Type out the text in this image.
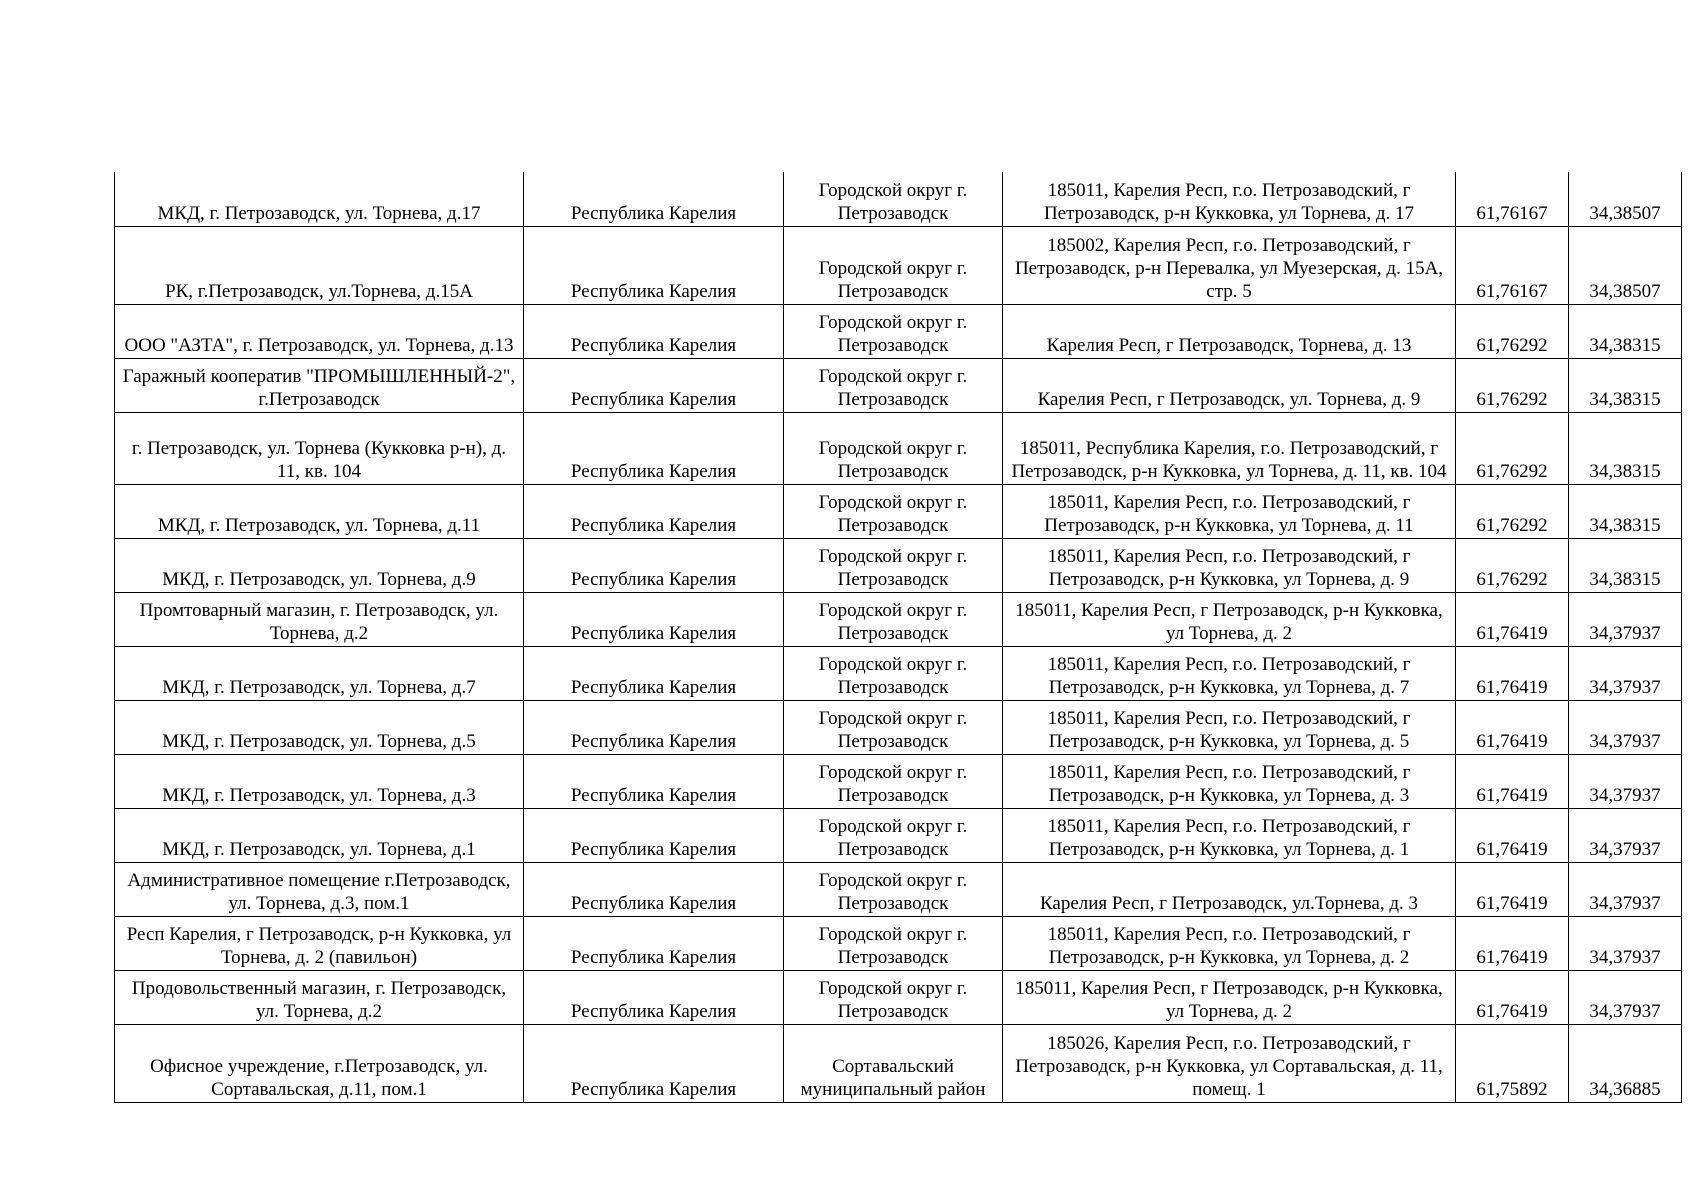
МКД, г. Петрозаводск, ул. Торнева, д.17	Республика Карелия	Городской округ г. Петрозаводск	185011, Карелия Респ, г.о. Петрозаводский, г Петрозаводск, р-н Кукковка, ул Торнева, д. 17	61,76167	34,38507
РК, г.Петрозаводск, ул.Торнева, д.15А	Республика Карелия	Городской округ г. Петрозаводск	185002, Карелия Респ, г.о. Петрозаводский, г Петрозаводск, р-н Перевалка, ул Муезерская, д. 15А, стр. 5	61,76167	34,38507
ООО "АЗТА", г. Петрозаводск, ул. Торнева, д.13	Республика Карелия	Городской округ г. Петрозаводск	Карелия Респ, г Петрозаводск, Торнева, д. 13	61,76292	34,38315
Гаражный кооператив "ПРОМЫШЛЕННЫЙ-2", г.Петрозаводск	Республика Карелия	Городской округ г. Петрозаводск	Карелия Респ, г Петрозаводск, ул. Торнева, д. 9	61,76292	34,38315
г. Петрозаводск, ул. Торнева (Кукковка р-н), д. 11, кв. 104	Республика Карелия	Городской округ г. Петрозаводск	185011, Республика Карелия, г.о. Петрозаводский, г Петрозаводск, р-н Кукковка, ул Торнева, д. 11, кв. 104	61,76292	34,38315
МКД, г. Петрозаводск, ул. Торнева, д.11	Республика Карелия	Городской округ г. Петрозаводск	185011, Карелия Респ, г.о. Петрозаводский, г Петрозаводск, р-н Кукковка, ул Торнева, д. 11	61,76292	34,38315
МКД, г. Петрозаводск, ул. Торнева, д.9	Республика Карелия	Городской округ г. Петрозаводск	185011, Карелия Респ, г.о. Петрозаводский, г Петрозаводск, р-н Кукковка, ул Торнева, д. 9	61,76292	34,38315
Промтоварный магазин, г. Петрозаводск, ул. Торнева, д.2	Республика Карелия	Городской округ г. Петрозаводск	185011, Карелия Респ, г Петрозаводск, р-н Кукковка, ул Торнева, д. 2	61,76419	34,37937
МКД, г. Петрозаводск, ул. Торнева, д.7	Республика Карелия	Городской округ г. Петрозаводск	185011, Карелия Респ, г.о. Петрозаводский, г Петрозаводск, р-н Кукковка, ул Торнева, д. 7	61,76419	34,37937
МКД, г. Петрозаводск, ул. Торнева, д.5	Республика Карелия	Городской округ г. Петрозаводск	185011, Карелия Респ, г.о. Петрозаводский, г Петрозаводск, р-н Кукковка, ул Торнева, д. 5	61,76419	34,37937
МКД, г. Петрозаводск, ул. Торнева, д.3	Республика Карелия	Городской округ г. Петрозаводск	185011, Карелия Респ, г.о. Петрозаводский, г Петрозаводск, р-н Кукковка, ул Торнева, д. 3	61,76419	34,37937
МКД, г. Петрозаводск, ул. Торнева, д.1	Республика Карелия	Городской округ г. Петрозаводск	185011, Карелия Респ, г.о. Петрозаводский, г Петрозаводск, р-н Кукковка, ул Торнева, д. 1	61,76419	34,37937
Административное помещение г.Петрозаводск, ул. Торнева, д.3, пом.1	Республика Карелия	Городской округ г. Петрозаводск	Карелия Респ, г Петрозаводск, ул.Торнева, д. 3	61,76419	34,37937
Респ Карелия, г Петрозаводск, р-н Кукковка, ул Торнева, д. 2 (павильон)	Республика Карелия	Городской округ г. Петрозаводск	185011, Карелия Респ, г.о. Петрозаводский, г Петрозаводск, р-н Кукковка, ул Торнева, д. 2	61,76419	34,37937
Продовольственный магазин, г. Петрозаводск, ул. Торнева, д.2	Республика Карелия	Городской округ г. Петрозаводск	185011, Карелия Респ, г Петрозаводск, р-н Кукковка, ул Торнева, д. 2	61,76419	34,37937
Офисное учреждение, г.Петрозаводск, ул. Сортавальская, д.11, пом.1	Республика Карелия	Сортавальский муниципальный район	185026, Карелия Респ, г.о. Петрозаводский, г Петрозаводск, р-н Кукковка, ул Сортавальская, д. 11, помещ. 1	61,75892	34,36885
